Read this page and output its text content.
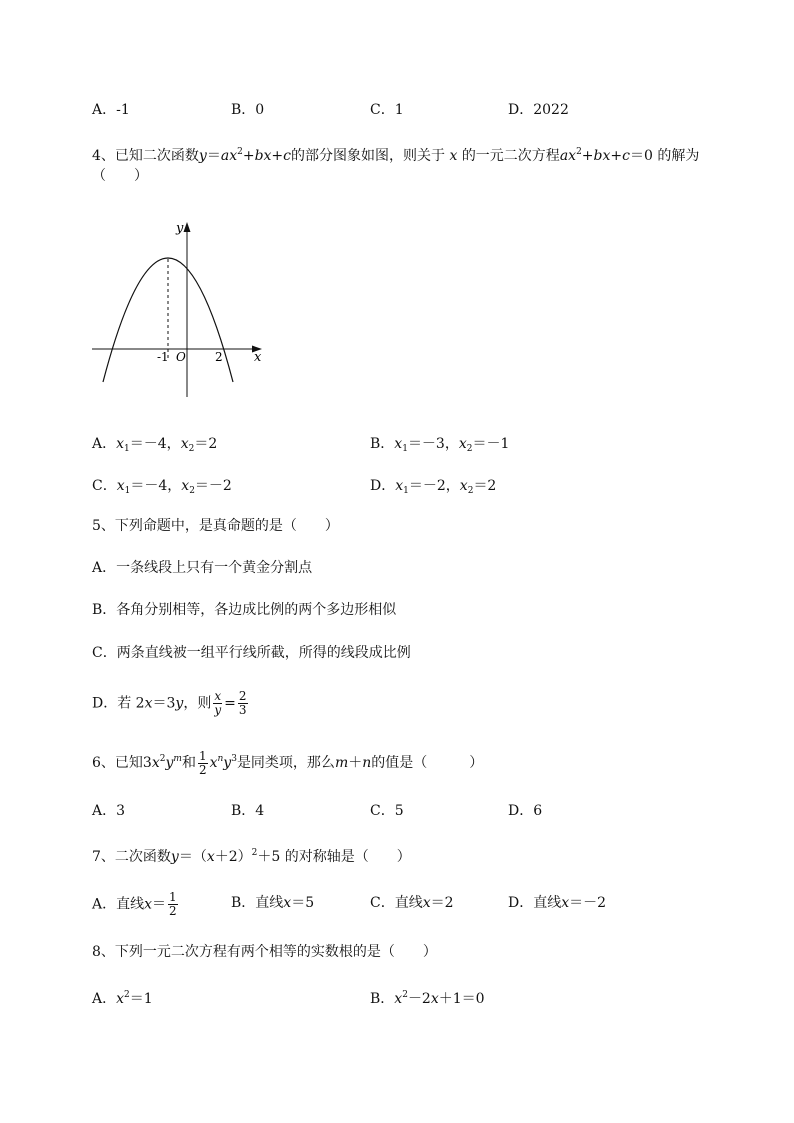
A．-1	B．0	C．1	D．2022
4、已知二次函数$y=ax^2+bx+c$的部分图象如图，则关于 x 的一元二次方程$ax^2+bx+c=0$ 的解为
（　　）
y
x
O
-1	2
A．$x_1=-4$，$x_2=2$	B．$x_1=-3$，$x_2=-1$
C．$x_1=-4$，$x_2=-2$	D．$x_1=-2$，$x_2=2$
5、下列命题中，是真命题的是（　　）
A．一条线段上只有一个黄金分割点
B．各角分别相等，各边成比例的两个多边形相似
C．两条直线被一组平行线所截，所得的线段成比例
D．若 2x＝3y，则 $\frac{x}{y} = \frac{2}{3}$
6、已知$3x^2y^m$和 $\frac{1}{2} x^ny^3$是同类项，那么m＋n的值是（　　　）
A．3	B．4	C．5	D．6
7、二次函数$y=(x+2)^2+5$ 的对称轴是（　　）
A．直线$x= \frac{1}{2}$	B．直线x＝5	C．直线x＝2	D．直线x＝－2
8、下列一元二次方程有两个相等的实数根的是（　　）
A．$x^2=1$	B．$x^2-2x+1=0$
